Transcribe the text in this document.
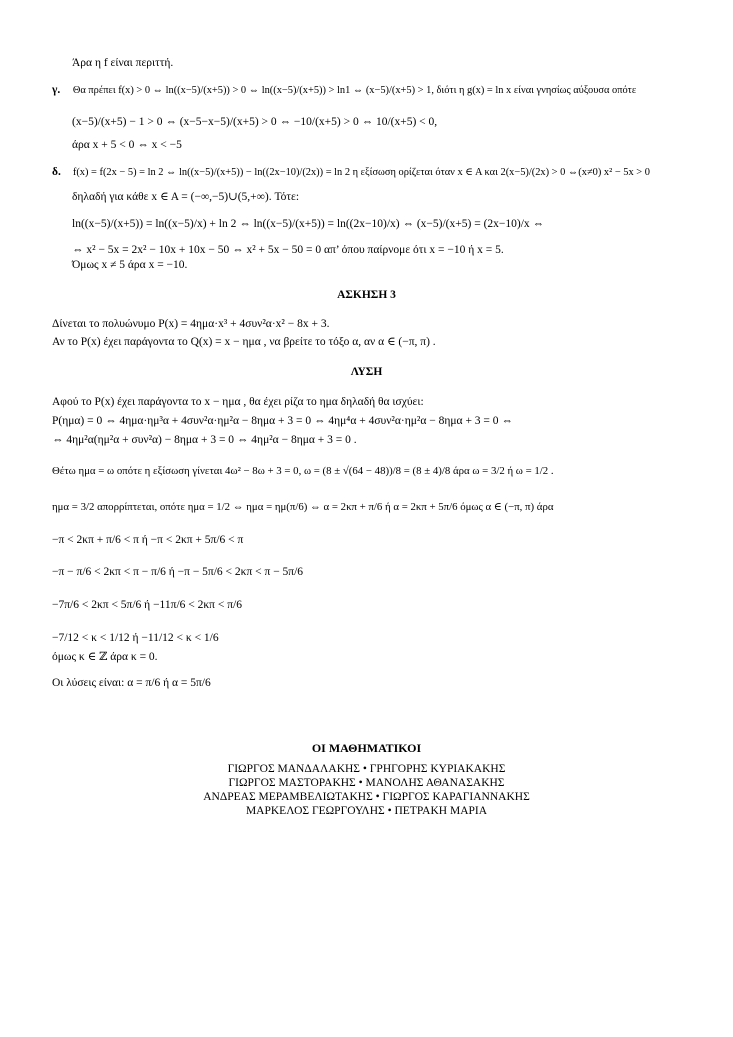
Άρα η f είναι περιττή.
γ. Θα πρέπει f(x) > 0 ⇔ ln((x−5)/(x+5)) > 0 ⇔ ln((x−5)/(x+5)) > ln1 ⇔ (x−5)/(x+5) > 1, διότι η g(x) = ln x είναι γνησίως αύξουσα οπότε
(x−5)/(x+5) − 1 > 0 ⇔ (x−5−x−5)/(x+5) > 0 ⇔ −10/(x+5) > 0 ⇔ 10/(x+5) < 0,
άρα x + 5 < 0 ⇔ x < −5
δ. f(x) = f(2x − 5) = ln 2 ⇔ ln((x−5)/(x+5)) − ln((2x−10)/(2x)) = ln 2 η εξίσωση ορίζεται όταν x ∈ A και 2(x−5)/(2x) > 0 ⇔(x≠0) x² − 5x > 0
δηλαδή για κάθε x ∈ A = (−∞,−5)∪(5,+∞). Τότε:
ln((x−5)/(x+5)) = ln((x−5)/x) + ln 2 ⇔ ln((x−5)/(x+5)) = ln((2x−10)/x) ⇔ (x−5)/(x+5) = (2x−10)/x ⇔
⇔ x² − 5x = 2x² − 10x + 10x − 50 ⇔ x² + 5x − 50 = 0 απ’ όπου παίρνομε ότι x = −10 ή x = 5.
Όμως x ≠ 5 άρα x = −10.
ΑΣΚΗΣΗ 3
Δίνεται το πολυώνυμο P(x) = 4ημα·x³ + 4συν²α·x² − 8x + 3.
Αν το P(x) έχει παράγοντα το Q(x) = x − ημα , να βρείτε το τόξο α, αν α ∈ (−π, π) .
ΛΥΣΗ
Αφού το P(x) έχει παράγοντα το x − ημα , θα έχει ρίζα το ημα δηλαδή θα ισχύει:
P(ημα) = 0 ⇔ 4ημα·ημ³α + 4συν²α·ημ²α − 8ημα + 3 = 0 ⇔ 4ημ⁴α + 4συν²α·ημ²α − 8ημα + 3 = 0 ⇔
⇔ 4ημ²α(ημ²α + συν²α) − 8ημα + 3 = 0 ⇔ 4ημ²α − 8ημα + 3 = 0 .
Θέτω ημα = ω οπότε η εξίσωση γίνεται 4ω² − 8ω + 3 = 0, ω = (8 ± √(64 − 48))/8 = (8 ± 4)/8 άρα ω = 3/2 ή ω = 1/2 .
ημα = 3/2 απορρίπτεται, οπότε ημα = 1/2 ⇔ ημα = ημ(π/6) ⇔ α = 2κπ + π/6 ή α = 2κπ + 5π/6 όμως α ∈ (−π, π) άρα
−π < 2κπ + π/6 < π ή −π < 2κπ + 5π/6 < π
−π − π/6 < 2κπ < π − π/6 ή −π − 5π/6 < 2κπ < π − 5π/6
−7π/6 < 2κπ < 5π/6 ή −11π/6 < 2κπ < π/6
−7/12 < κ < 1/12 ή −11/12 < κ < 1/6
όμως κ ∈ ℤ άρα κ = 0.
Οι λύσεις είναι: α = π/6 ή α = 5π/6
ΟΙ ΜΑΘΗΜΑΤΙΚΟΙ
ΓΙΩΡΓΟΣ ΜΑΝΔΑΛΑΚΗΣ • ΓΡΗΓΟΡΗΣ ΚΥΡΙΑΚΑΚΗΣ
ΓΙΩΡΓΟΣ ΜΑΣΤΟΡΑΚΗΣ • ΜΑΝΟΛΗΣ ΑΘΑΝΑΣΑΚΗΣ
ΑΝΔΡΕΑΣ ΜΕΡΑΜΒΕΛΙΩΤΑΚΗΣ • ΓΙΩΡΓΟΣ ΚΑΡΑΓΙΑΝΝΑΚΗΣ
ΜΑΡΚΕΛΟΣ ΓΕΩΡΓΟΥΛΗΣ • ΠΕΤΡΑΚΗ ΜΑΡΙΑ
